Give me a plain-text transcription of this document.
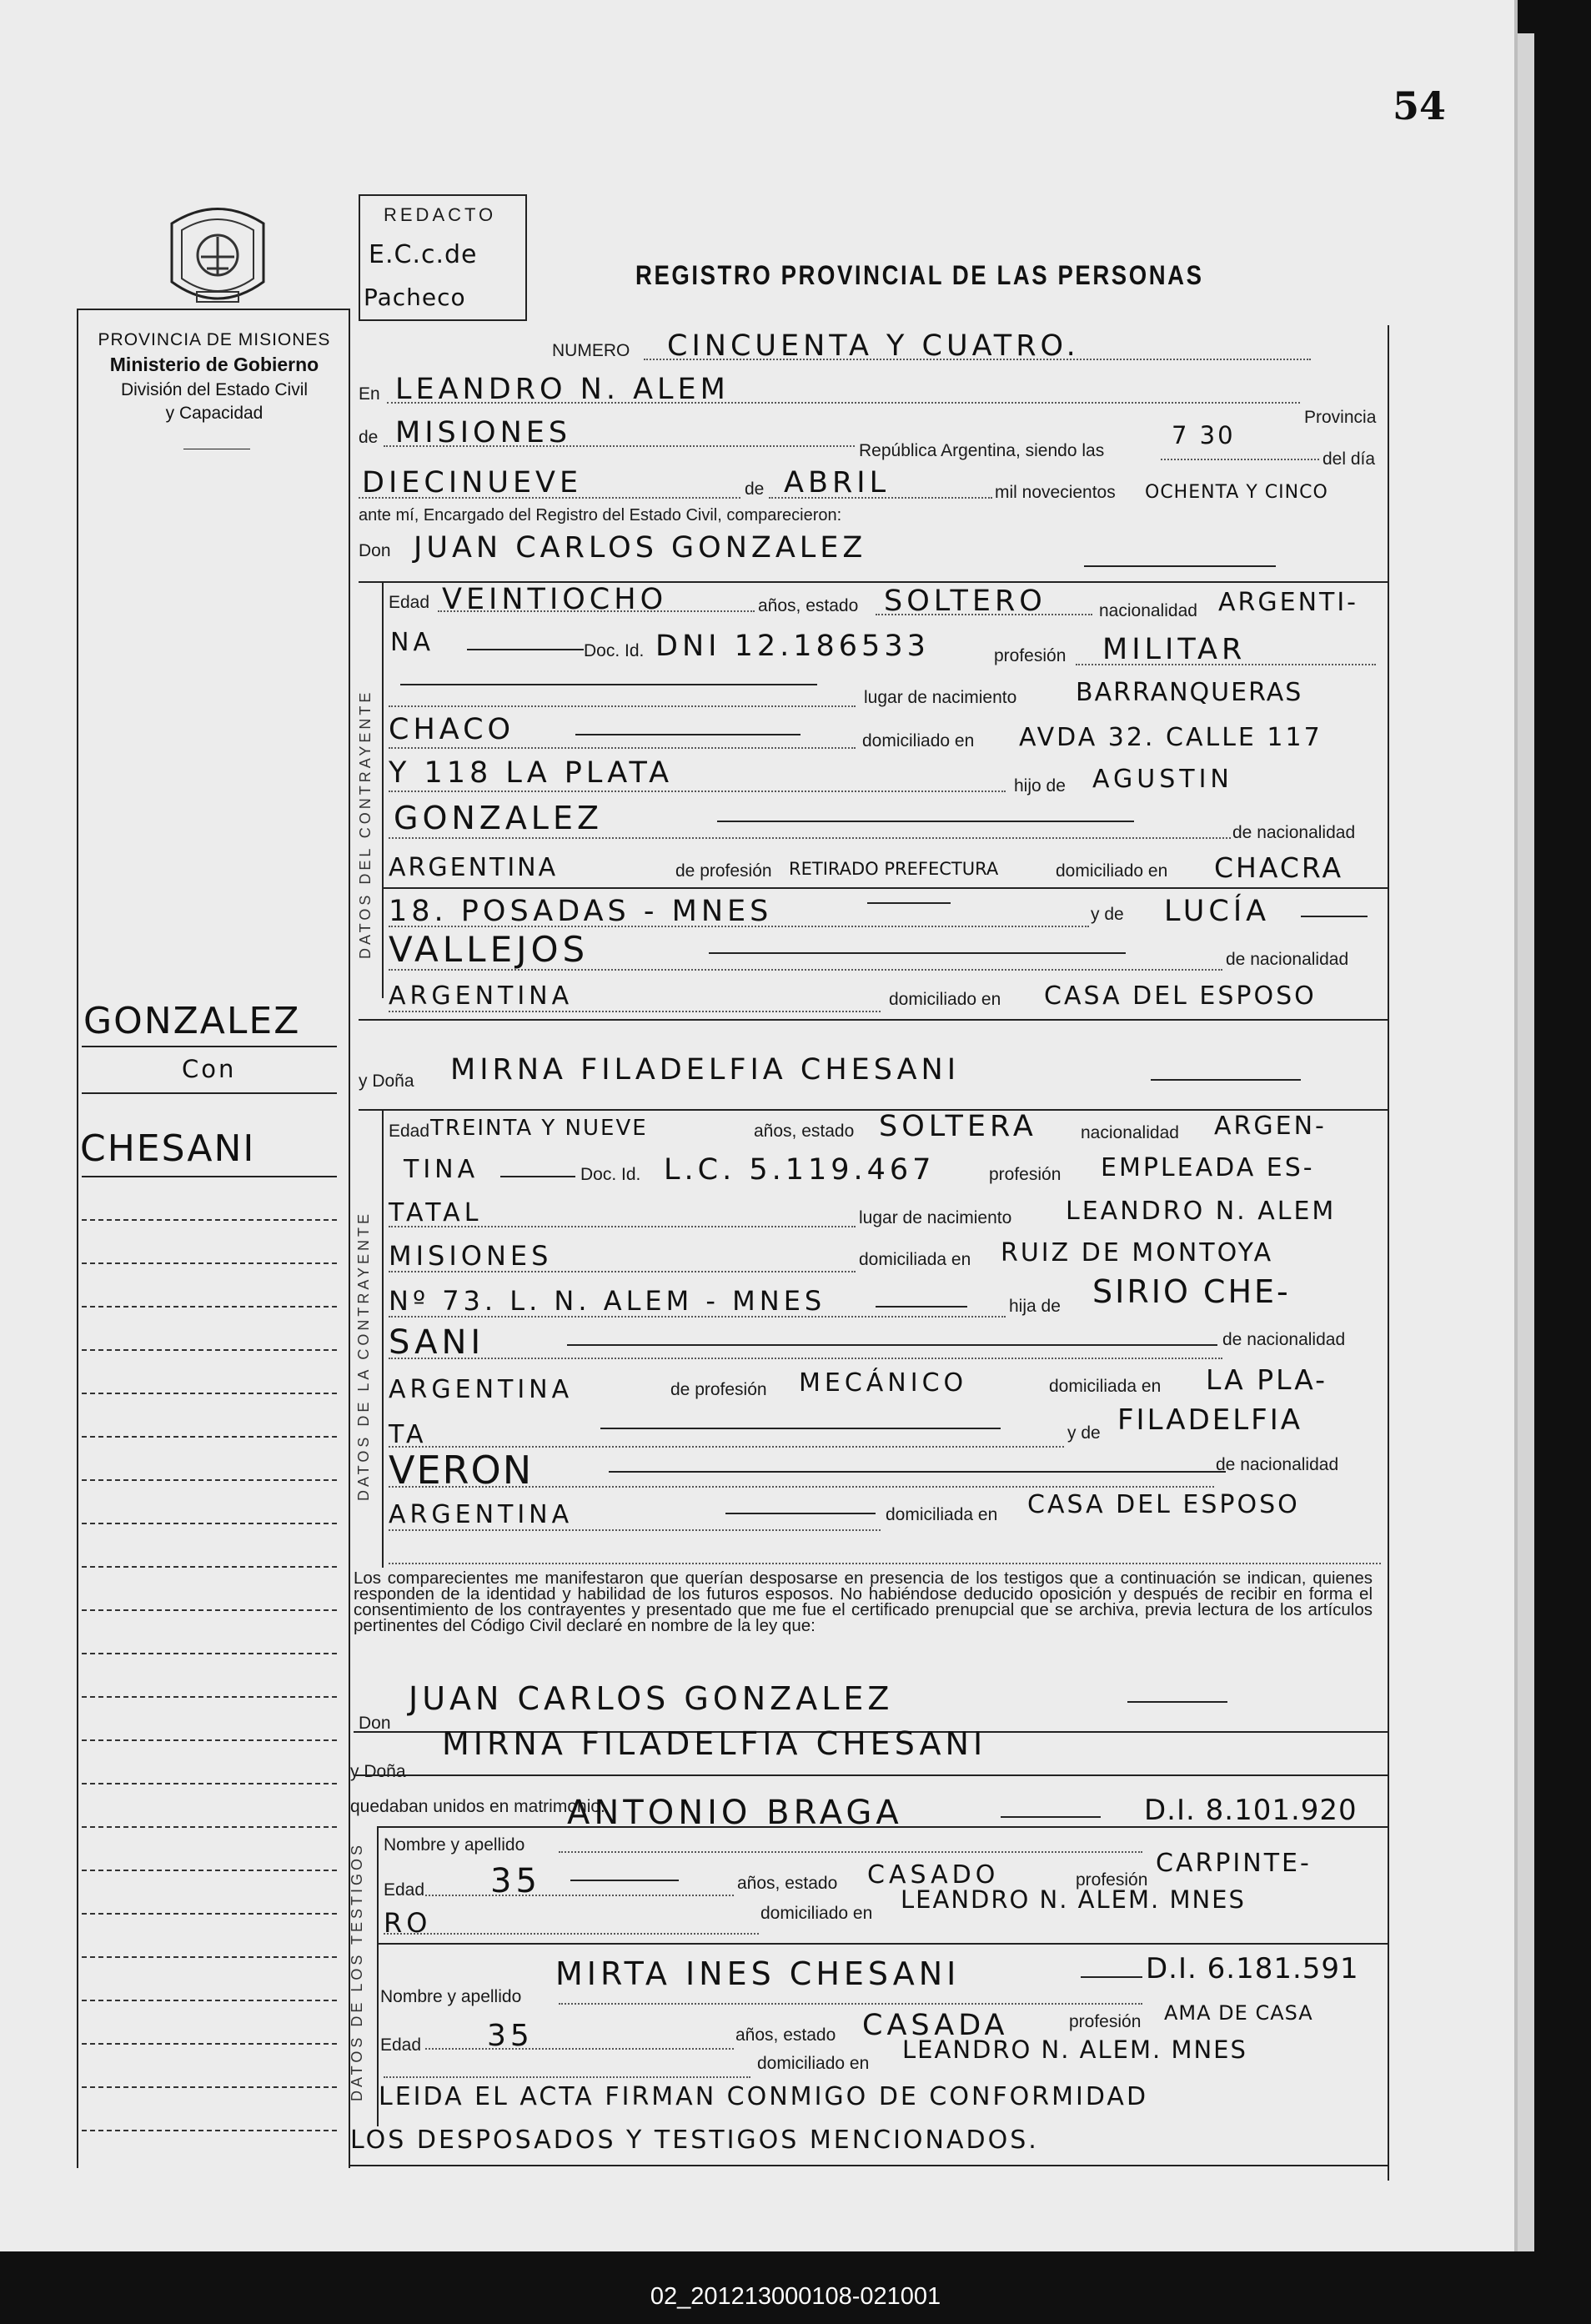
54
PROVINCIA DE MISIONES
Ministerio de Gobierno
División del Estado Civil
y Capacidad
REDACTO
E.C.c.de
Pacheco
REGISTRO PROVINCIAL DE LAS PERSONAS
GONZALEZ
Con
CHESANI
NUMERO CINCUENTA Y CUATRO.
En LEANDRO N. ALEM
Provincia
de MISIONES
República Argentina, siendo las
7 30
del día
DIECINUEVE	de ABRIL	mil novecientos OCHENTA Y CINCO
ante mí, Encargado del Registro del Estado Civil, comparecieron:
Don JUAN CARLOS GONZALEZ
DATOS DEL CONTRAYENTE
Edad VEINTIOCHO	años, estado SOLTERO	nacionalidad ARGENTI-
NA	Doc. Id. DNI 12.186533	profesión MILITAR
lugar de nacimiento BARRANQUERAS
CHACO	domiciliado en AVDA 32. CALLE 117
Y 118 LA PLATA	hijo de AGUSTIN
GONZALEZ	de nacionalidad
ARGENTINA	de profesión RETIRADO PREFECTURA	domiciliado en CHACRA
18. POSADAS - MNES	y de LUCÍA
VALLEJOS	de nacionalidad
ARGENTINA	domiciliado en CASA DEL ESPOSO
y Doña MIRNA FILADELFIA CHESANI
DATOS DE LA CONTRAYENTE
Edad TREINTA Y NUEVE	años, estado SOLTERA nacionalidad ARGEN-
TINA	Doc. Id. L.C. 5.119.467	profesión EMPLEADA ES-
TATAL	lugar de nacimiento LEANDRO N. ALEM
MISIONES	domiciliada en RUIZ DE MONTOYA
Nº 73. L. N. ALEM - MNES	hija de SIRIO CHE-
SANI	de nacionalidad
ARGENTINA	de profesión MECÁNICO	domiciliada en LA PLA-
TA	y de FILADELFIA
VERON	de nacionalidad
ARGENTINA	domiciliada en CASA DEL ESPOSO
Los comparecientes me manifestaron que querían desposarse en presencia de los testigos que a continuación se indican, quienes responden de la identidad y habilidad de los futuros esposos. No habiéndose deducido oposición y después de recibir en forma el consentimiento de los contrayentes y presentado que me fue el certificado prenupcial que se archiva, previa lectura de los artículos pertinentes del Código Civil declaré en nombre de la ley que:
Don
JUAN CARLOS GONZALEZ
y Doña
MIRNA FILADELFIA CHESANI
quedaban unidos en matrimonio.
DATOS DE LOS TESTIGOS Nombre y apellido
ANTONIO BRAGA	D.I. 8.101.920
Edad 35	años, estado CASADO	profesión
CARPINTE-
RO	domiciliado en LEANDRO N. ALEM. MNES
Nombre y apellido
MIRTA INES CHESANI	D.I. 6.181.591
Edad 35	años, estado CASADA	profesión AMA DE CASA
domiciliado en LEANDRO N. ALEM. MNES
LEIDA EL ACTA FIRMAN CONMIGO DE CONFORMIDAD
LOS DESPOSADOS Y TESTIGOS MENCIONADOS.
02_201213000108-021001
